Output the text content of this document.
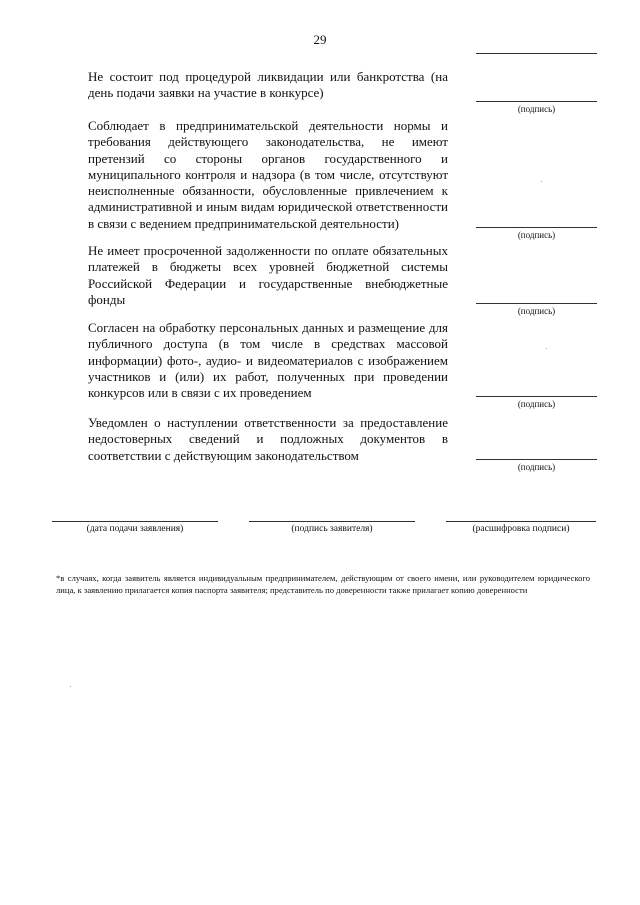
29
Не состоит под процедурой ликвидации или банкротства (на день подачи заявки на участие в конкурсе)
(подпись)
Соблюдает в предпринимательской деятельности нормы и требования действующего законодательства, не имеют претензий со стороны органов государственного и муниципального контроля и надзора (в том числе, отсутствуют неисполненные обязанности, обусловленные привлечением к административной и иным видам юридической ответственности в связи с ведением предпринимательской деятельности)
(подпись)
Не имеет просроченной задолженности по оплате обязательных платежей в бюджеты всех уровней бюджетной системы Российской Федерации и государственные внебюджетные фонды
(подпись)
Согласен на обработку персональных данных и размещение для публичного доступа (в том числе в средствах массовой информации) фото-, аудио- и видеоматериалов с изображением участников и (или) их работ, полученных при проведении конкурсов или в связи с их проведением
(подпись)
Уведомлен о наступлении ответственности за предоставление недостоверных сведений и подложных документов в соответствии с действующим законодательством
(подпись)
(дата подачи заявления)	(подпись заявителя)	(расшифровка подписи)
*в случаях, когда заявитель является индивидуальным предпринимателем, действующим от своего имени, или руководителем юридического лица, к заявлению прилагается копия паспорта заявителя; представитель по доверенности также прилагает копию доверенности
